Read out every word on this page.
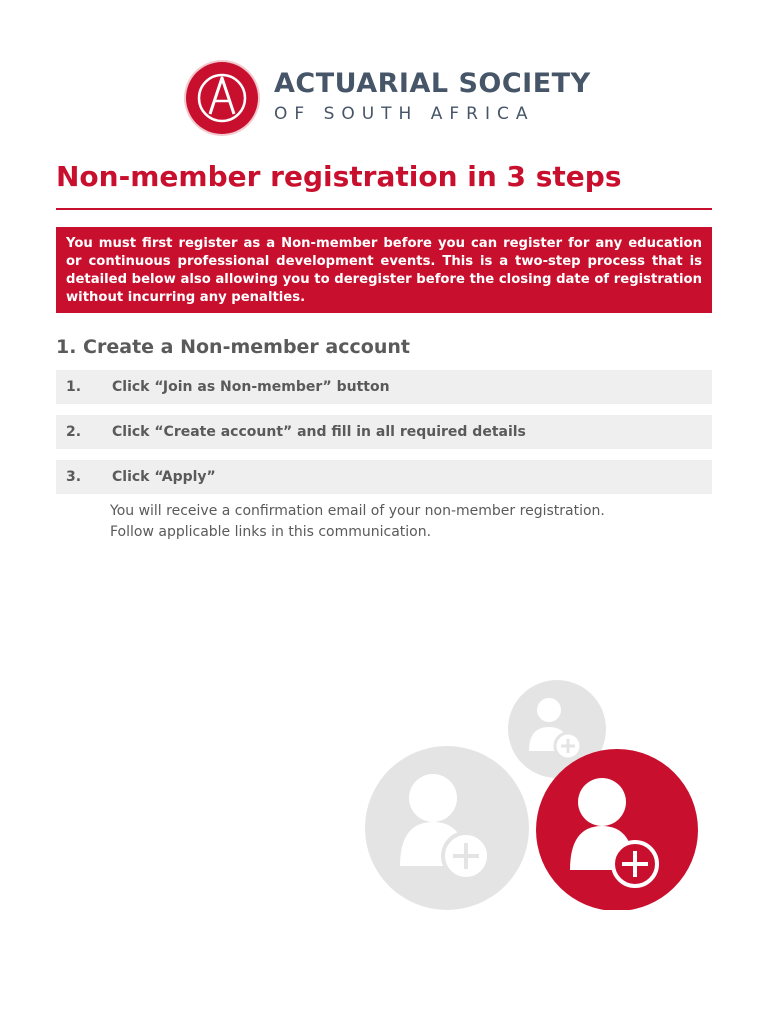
ACTUARIAL SOCIETY
OF SOUTH AFRICA
Non-member registration in 3 steps
You must first register as a Non-member before you can register for any education or continuous professional development events. This is a two-step process that is detailed below also allowing you to deregister before the closing date of registration without incurring any penalties.
1. Create a Non-member account
1. Click “Join as Non-member” button
2. Click “Create account” and fill in all required details
3. Click “Apply”
You will receive a confirmation email of your non-member registration.
Follow applicable links in this communication.
